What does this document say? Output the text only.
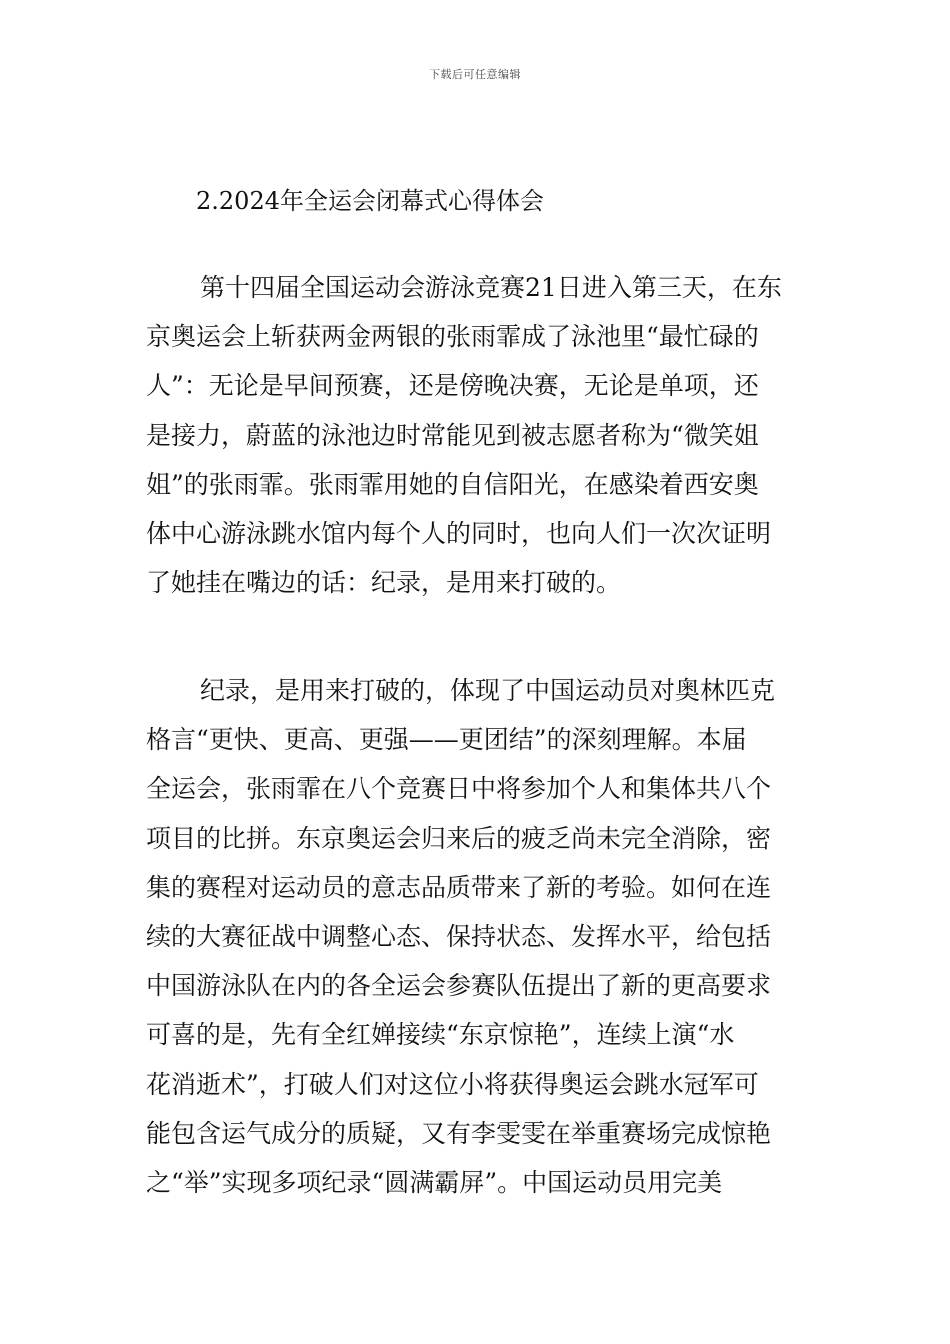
下载后可任意编辑
2.2024年全运会闭幕式心得体会
第十四届全国运动会游泳竞赛21日进入第三天，在东
京奥运会上斩获两金两银的张雨霏成了泳池里“最忙碌的
人”：无论是早间预赛，还是傍晚决赛，无论是单项，还
是接力，蔚蓝的泳池边时常能见到被志愿者称为“微笑姐
姐”的张雨霏。张雨霏用她的自信阳光，在感染着西安奥
体中心游泳跳水馆内每个人的同时，也向人们一次次证明
了她挂在嘴边的话：纪录，是用来打破的。
纪录，是用来打破的，体现了中国运动员对奥林匹克
格言“更快、更高、更强——更团结”的深刻理解。本届
全运会，张雨霏在八个竞赛日中将参加个人和集体共八个
项目的比拼。东京奥运会归来后的疲乏尚未完全消除，密
集的赛程对运动员的意志品质带来了新的考验。如何在连
续的大赛征战中调整心态、保持状态、发挥水平，给包括
中国游泳队在内的各全运会参赛队伍提出了新的更高要求
可喜的是，先有全红婵接续“东京惊艳”，连续上演“水
花消逝术”，打破人们对这位小将获得奥运会跳水冠军可
能包含运气成分的质疑，又有李雯雯在举重赛场完成惊艳
之“举”实现多项纪录“圆满霸屏”。中国运动员用完美
